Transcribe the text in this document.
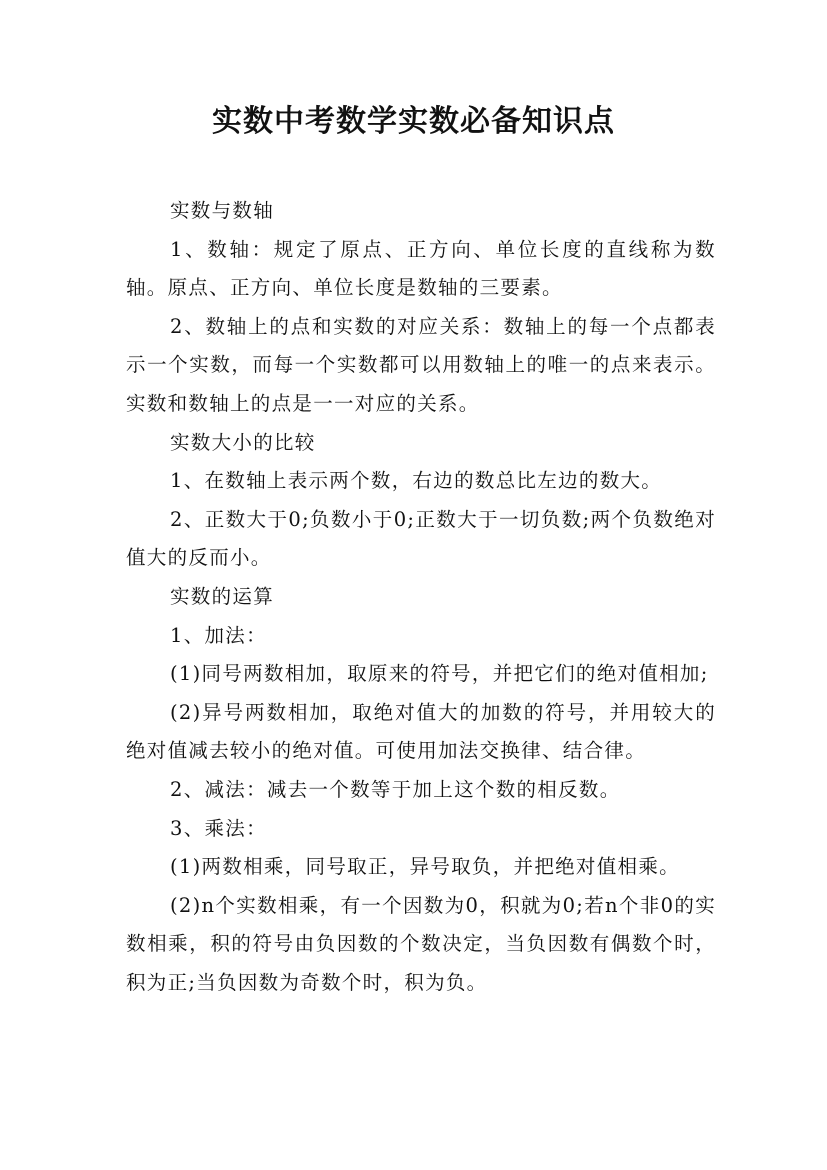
实数中考数学实数必备知识点

实数与数轴

1、数轴：规定了原点、正方向、单位长度的直线称为数轴。原点、正方向、单位长度是数轴的三要素。

2、数轴上的点和实数的对应关系：数轴上的每一个点都表示一个实数，而每一个实数都可以用数轴上的唯一的点来表示。实数和数轴上的点是一一对应的关系。

实数大小的比较

1、在数轴上表示两个数，右边的数总比左边的数大。

2、正数大于0;负数小于0;正数大于一切负数;两个负数绝对值大的反而小。

实数的运算

1、加法：

(1)同号两数相加，取原来的符号，并把它们的绝对值相加;

(2)异号两数相加，取绝对值大的加数的符号，并用较大的绝对值减去较小的绝对值。可使用加法交换律、结合律。

2、减法：减去一个数等于加上这个数的相反数。

3、乘法：

(1)两数相乘，同号取正，异号取负，并把绝对值相乘。

(2)n个实数相乘，有一个因数为0，积就为0;若n个非0的实数相乘，积的符号由负因数的个数决定，当负因数有偶数个时，积为正;当负因数为奇数个时，积为负。
